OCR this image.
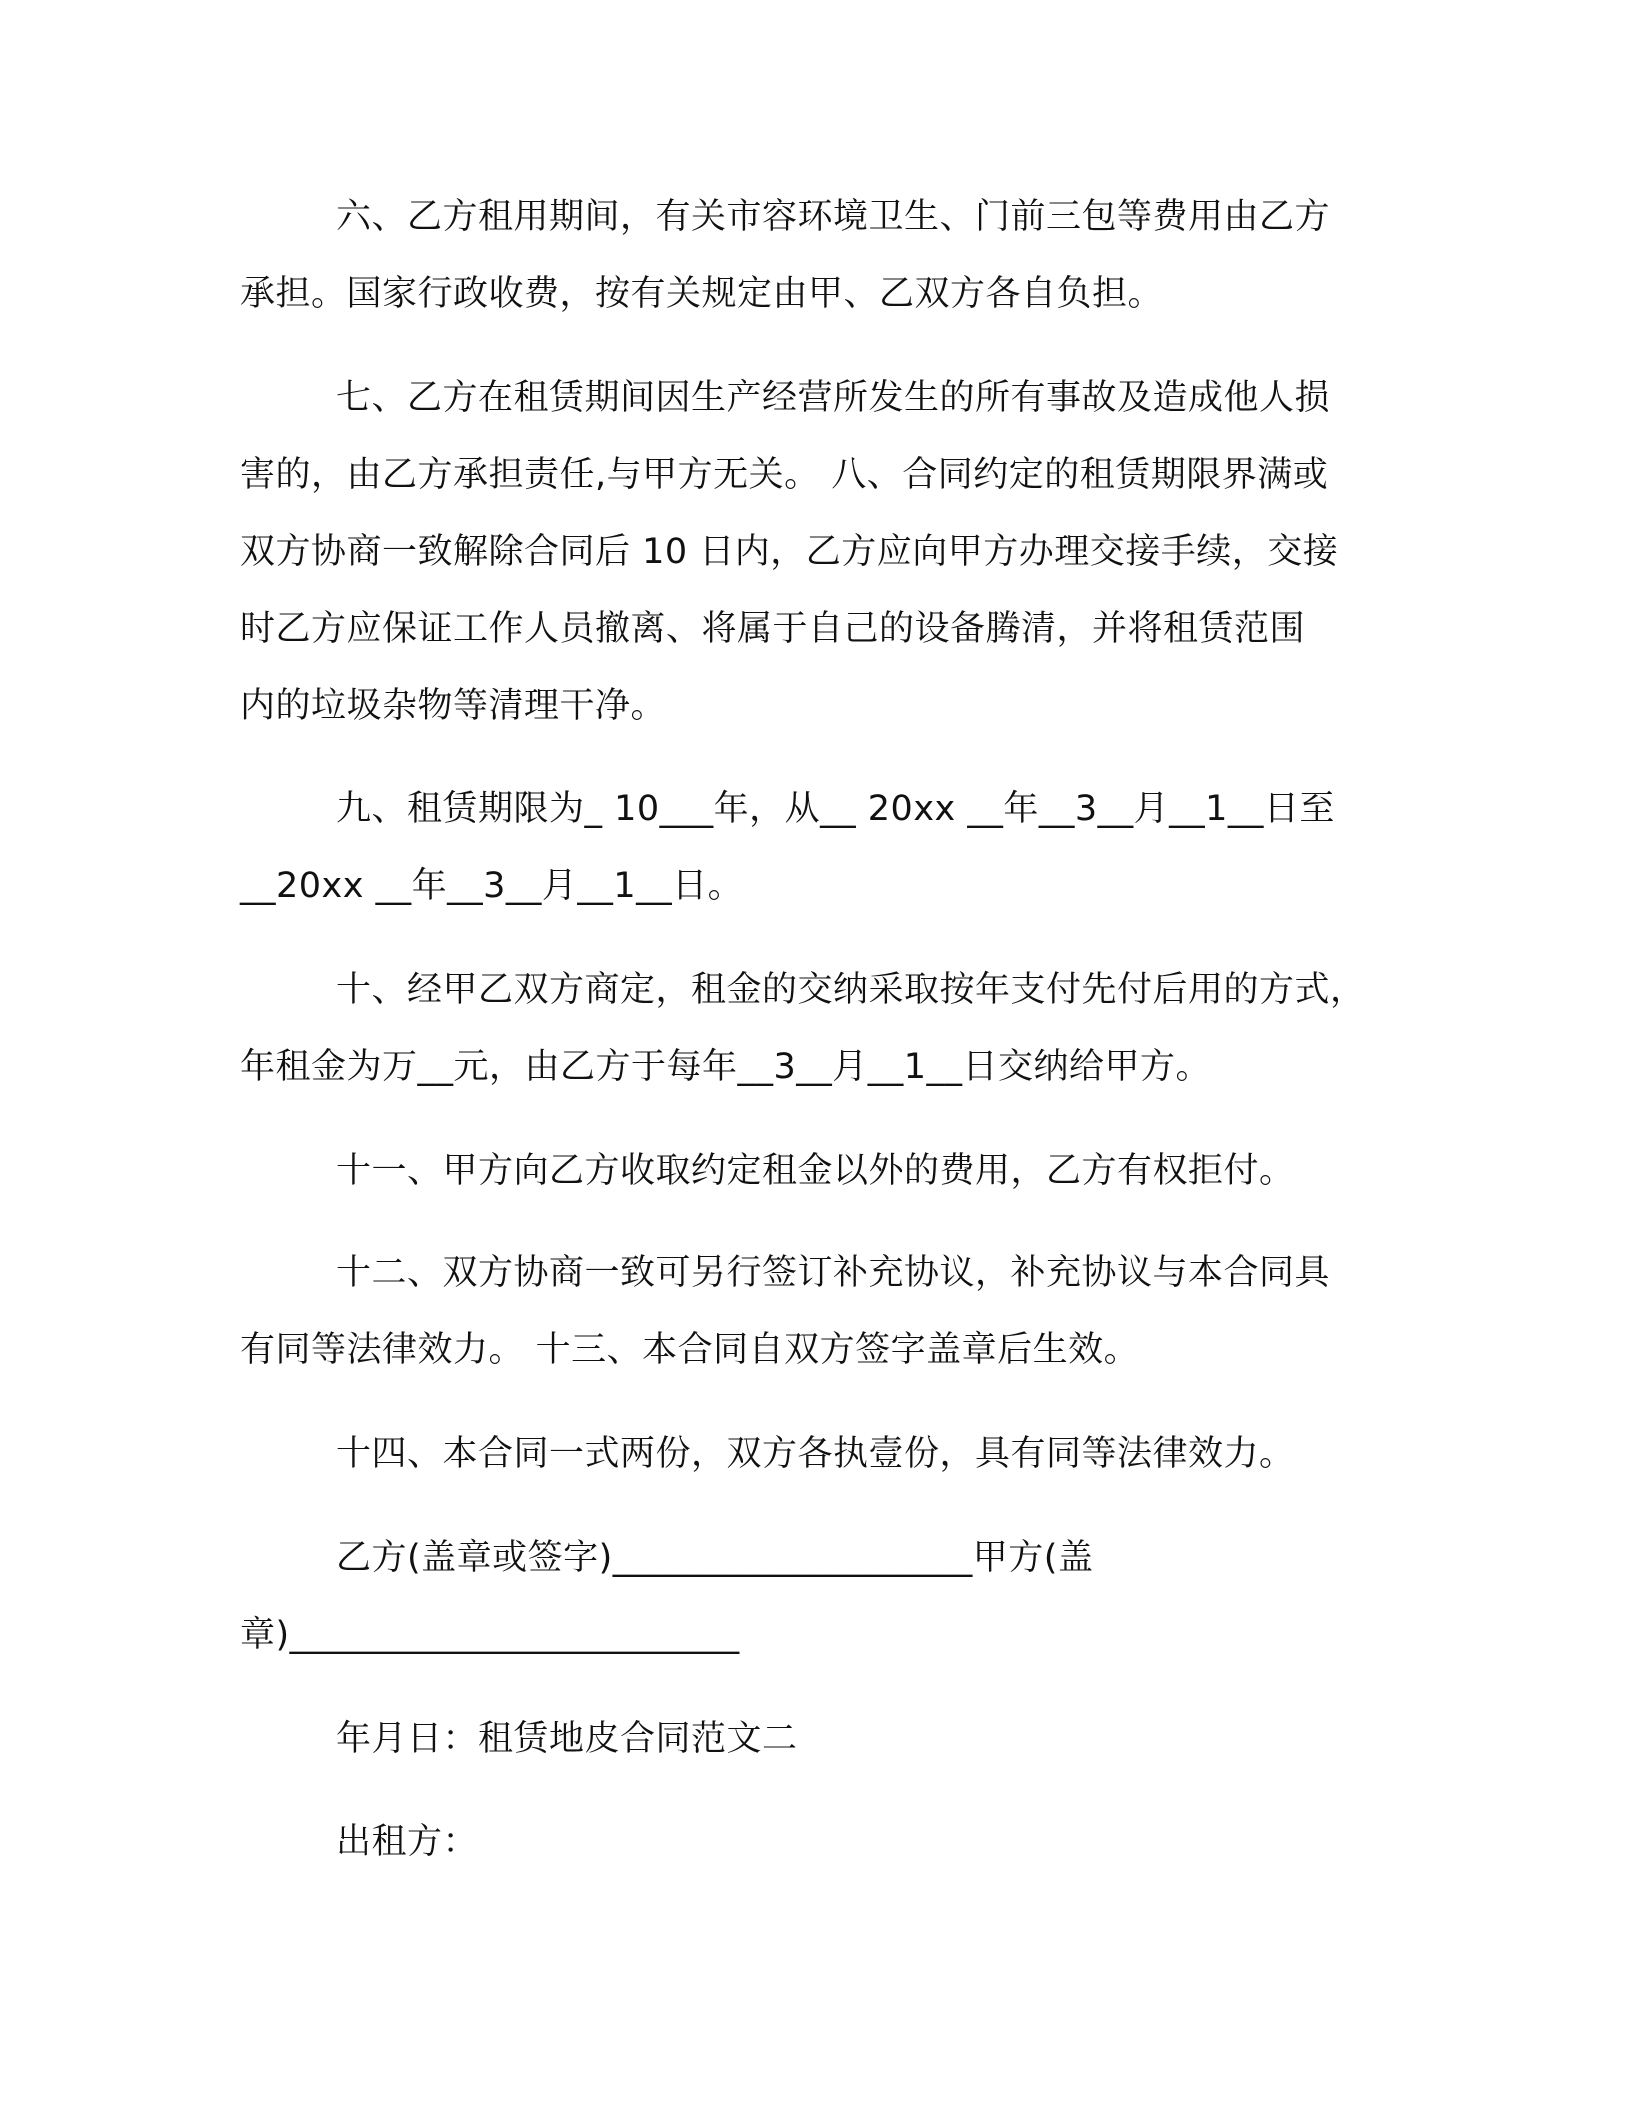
六、乙方租用期间，有关市容环境卫生、门前三包等费用由乙方
承担。国家行政收费，按有关规定由甲、乙双方各自负担。
七、乙方在租赁期间因生产经营所发生的所有事故及造成他人损
害的，由乙方承担责任,与甲方无关。 八、合同约定的租赁期限界满或
双方协商一致解除合同后 10 日内，乙方应向甲方办理交接手续，交接
时乙方应保证工作人员撤离、将属于自己的设备腾清，并将租赁范围
内的垃圾杂物等清理干净。
九、租赁期限为_ 10___年，从__ 20xx __年__3__月__1__日至
__20xx __年__3__月__1__日。
十、经甲乙双方商定，租金的交纳采取按年支付先付后用的方式，
年租金为万__元，由乙方于每年__3__月__1__日交纳给甲方。
十一、甲方向乙方收取约定租金以外的费用，乙方有权拒付。
十二、双方协商一致可另行签订补充协议，补充协议与本合同具
有同等法律效力。 十三、本合同自双方签字盖章后生效。
十四、本合同一式两份，双方各执壹份，具有同等法律效力。
乙方(盖章或签字)____________________甲方(盖
章)_________________________
年月日：租赁地皮合同范文二
出租方：
